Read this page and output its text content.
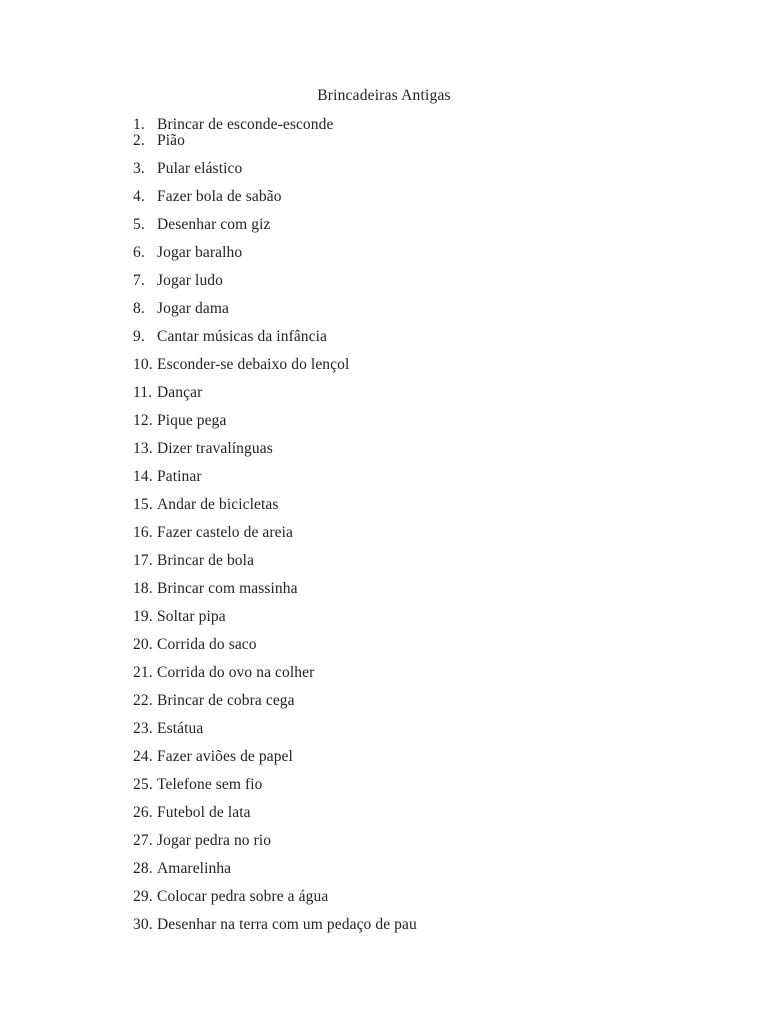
Brincadeiras Antigas
1. Brincar de esconde-esconde
2. Pião
3. Pular elástico
4. Fazer bola de sabão
5. Desenhar com giz
6. Jogar baralho
7. Jogar ludo
8. Jogar dama
9. Cantar músicas da infância
10. Esconder-se debaixo do lençol
11. Dançar
12. Pique pega
13. Dizer travalínguas
14. Patinar
15. Andar de bicicletas
16. Fazer castelo de areia
17. Brincar de bola
18. Brincar com massinha
19. Soltar pipa
20. Corrida do saco
21. Corrida do ovo na colher
22. Brincar de cobra cega
23. Estátua
24. Fazer aviões de papel
25. Telefone sem fio
26. Futebol de lata
27. Jogar pedra no rio
28. Amarelinha
29. Colocar pedra sobre a água
30. Desenhar na terra com um pedaço de pau
